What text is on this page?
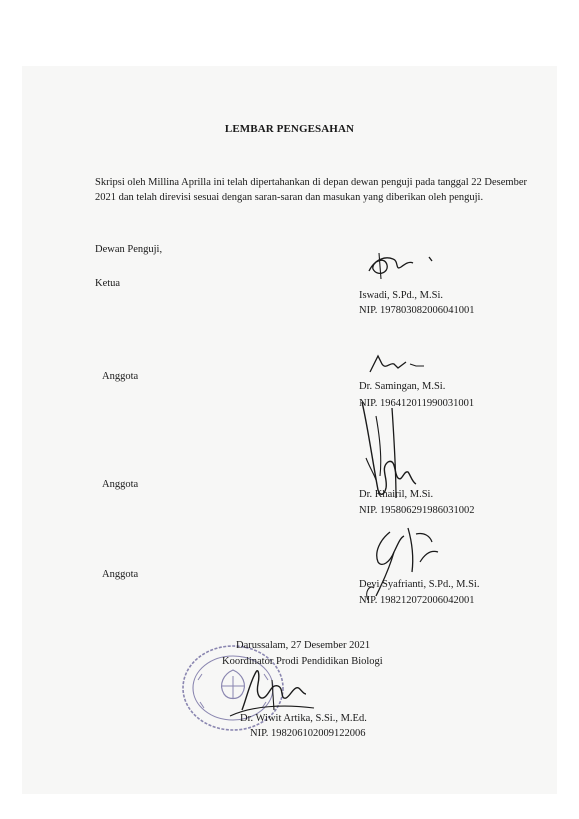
LEMBAR PENGESAHAN
Skripsi oleh Millina Aprilla ini telah dipertahankan di depan dewan penguji pada tanggal 22 Desember 2021 dan telah direvisi sesuai dengan saran-saran dan masukan yang diberikan oleh penguji.
Dewan Penguji,
Ketua
Iswadi, S.Pd., M.Si.
NIP. 197803082006041001
Anggota
Dr. Samingan, M.Si.
NIP. 196412011990031001
Anggota
Dr. Khairil, M.Si.
NIP. 195806291986031002
Anggota
Devi Syafrianti, S.Pd., M.Si.
NIP. 198212072006042001
Darussalam, 27 Desember 2021
Koordinator Prodi Pendidikan Biologi
Dr. Wiwit Artika, S.Si., M.Ed.
NIP. 198206102009122006
